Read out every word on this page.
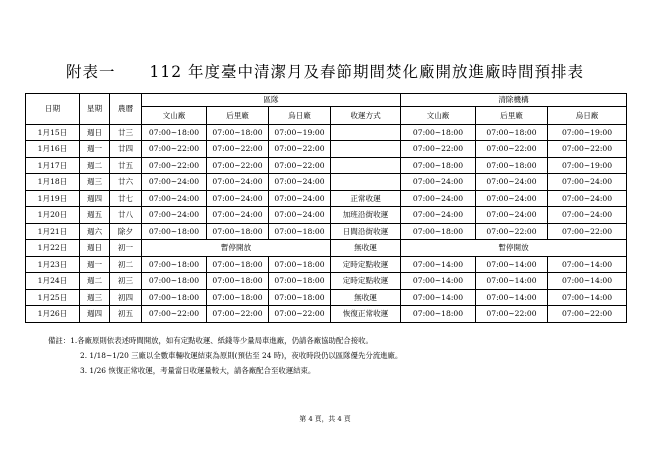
附表一 112 年度臺中清潔月及春節期間焚化廠開放進廠時間預排表
日期	星期	農曆	區隊				清除機構		
			文山廠	后里廠	烏日廠	收運方式	文山廠	后里廠	烏日廠
1月15日	週日	廿三	07:00~18:00	07:00~18:00	07:00~19:00		07:00~18:00	07:00~18:00	07:00~19:00
1月16日	週一	廿四	07:00~22:00	07:00~22:00	07:00~22:00		07:00~22:00	07:00~22:00	07:00~22:00
1月17日	週二	廿五	07:00~22:00	07:00~22:00	07:00~22:00		07:00~18:00	07:00~18:00	07:00~19:00
1月18日	週三	廿六	07:00~24:00	07:00~24:00	07:00~24:00		07:00~24:00	07:00~24:00	07:00~24:00
1月19日	週四	廿七	07:00~24:00	07:00~24:00	07:00~24:00	正常收運	07:00~24:00	07:00~24:00	07:00~24:00
1月20日	週五	廿八	07:00~24:00	07:00~24:00	07:00~24:00	加班沿街收運	07:00~24:00	07:00~24:00	07:00~24:00
1月21日	週六	除夕	07:00~18:00	07:00~18:00	07:00~18:00	日間沿街收運	07:00~18:00	07:00~22:00	07:00~22:00
1月22日	週日	初一	暫停開放			無收運	暫停開放		
1月23日	週一	初二	07:00~18:00	07:00~18:00	07:00~18:00	定時定點收運	07:00~14:00	07:00~14:00	07:00~14:00
1月24日	週二	初三	07:00~18:00	07:00~18:00	07:00~18:00	定時定點收運	07:00~14:00	07:00~14:00	07:00~14:00
1月25日	週三	初四	07:00~18:00	07:00~18:00	07:00~18:00	無收運	07:00~14:00	07:00~14:00	07:00~14:00
1月26日	週四	初五	07:00~22:00	07:00~22:00	07:00~22:00	恢復正常收運	07:00~18:00	07:00~22:00	07:00~22:00
備註：1.各廠原則依表述時間開放，如有定點收運、紙錢等少量局車進廠，仍請各廠協助配合接收。
2. 1/18~1/20 三廠以全數車輛收運結束為原則(預估至 24 時)，夜收時段仍以區隊優先分流進廠。
3. 1/26 恢復正常收運，考量當日收運量較大，請各廠配合至收運結束。
第 4 頁，共 4 頁
